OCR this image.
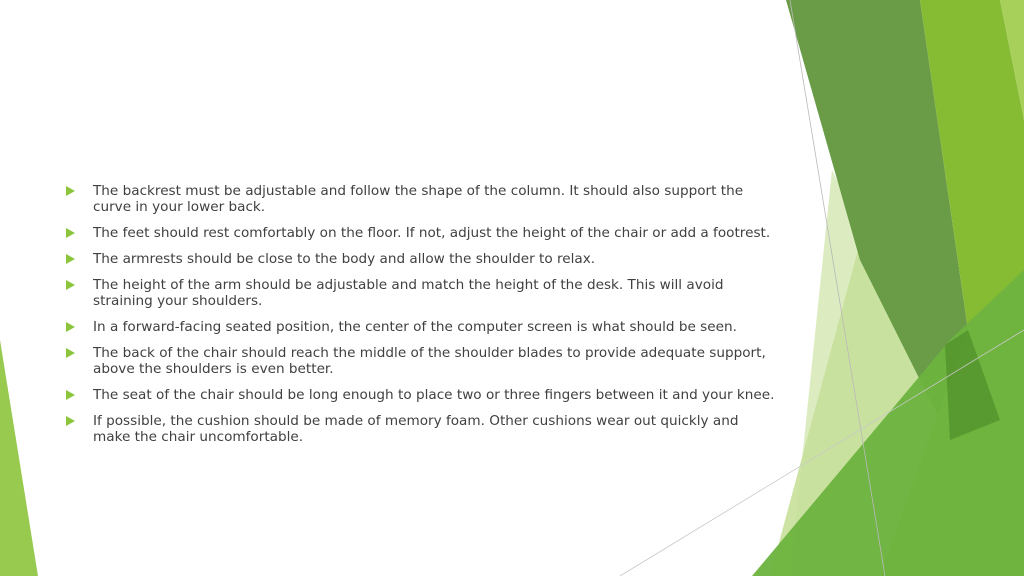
The backrest must be adjustable and follow the shape of the column. It should also support the curve in your lower back.
The feet should rest comfortably on the floor. If not, adjust the height of the chair or add a footrest.
The armrests should be close to the body and allow the shoulder to relax.
The height of the arm should be adjustable and match the height of the desk. This will avoid straining your shoulders.
In a forward-facing seated position, the center of the computer screen is what should be seen.
The back of the chair should reach the middle of the shoulder blades to provide adequate support, above the shoulders is even better.
The seat of the chair should be long enough to place two or three fingers between it and your knee.
If possible, the cushion should be made of memory foam. Other cushions wear out quickly and make the chair uncomfortable.
